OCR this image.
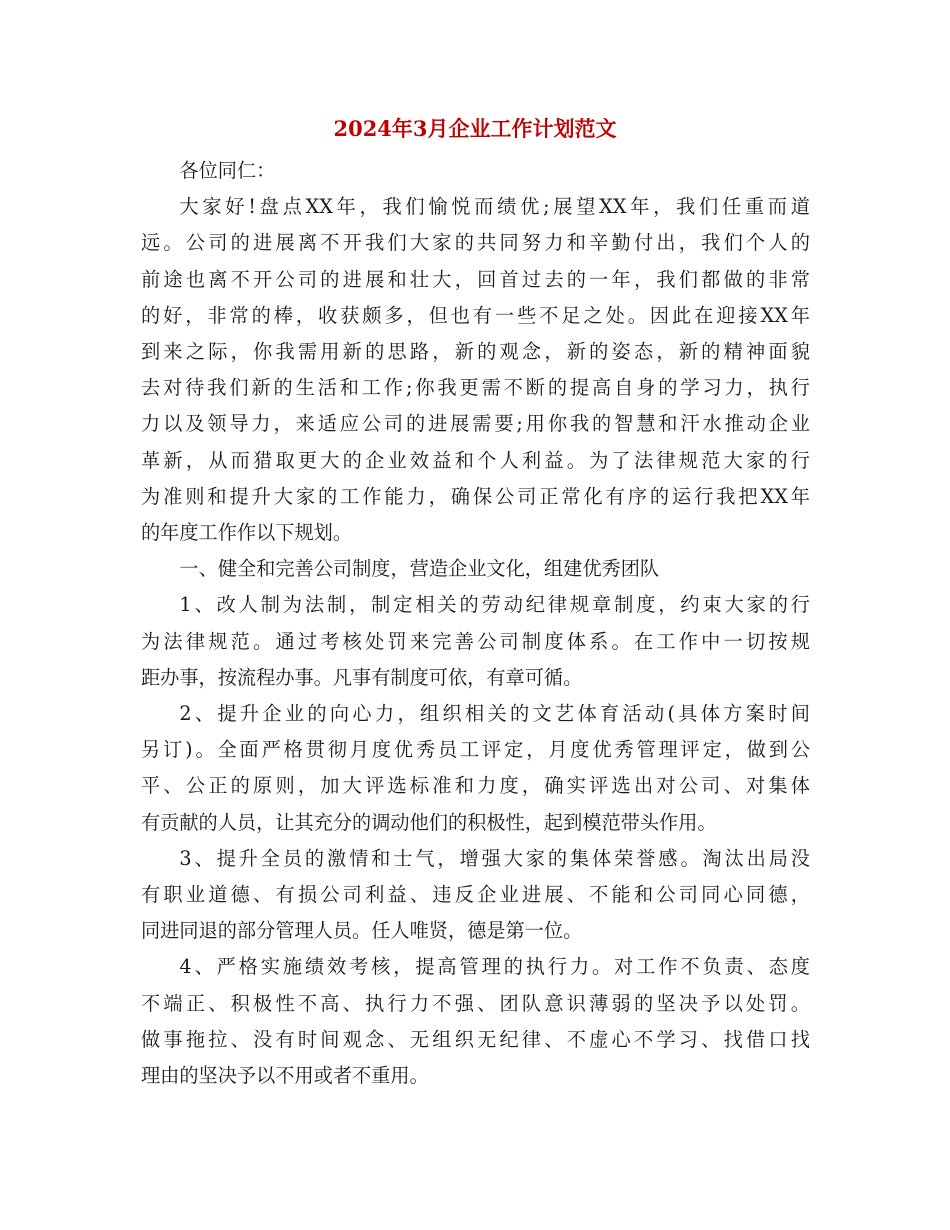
2024年3月企业工作计划范文
各位同仁：
大家好!盘点XX年，我们愉悦而绩优;展望XX年，我们任重而道
远。公司的进展离不开我们大家的共同努力和辛勤付出，我们个人的
前途也离不开公司的进展和壮大，回首过去的一年，我们都做的非常
的好，非常的棒，收获颇多，但也有一些不足之处。因此在迎接XX年
到来之际，你我需用新的思路，新的观念，新的姿态，新的精神面貌
去对待我们新的生活和工作;你我更需不断的提高自身的学习力，执行
力以及领导力，来适应公司的进展需要;用你我的智慧和汗水推动企业
革新，从而猎取更大的企业效益和个人利益。为了法律规范大家的行
为准则和提升大家的工作能力，确保公司正常化有序的运行我把XX年
的年度工作作以下规划。
一、健全和完善公司制度，营造企业文化，组建优秀团队
1、改人制为法制，制定相关的劳动纪律规章制度，约束大家的行
为法律规范。通过考核处罚来完善公司制度体系。在工作中一切按规
距办事，按流程办事。凡事有制度可依，有章可循。
2、提升企业的向心力，组织相关的文艺体育活动(具体方案时间
另订)。全面严格贯彻月度优秀员工评定，月度优秀管理评定，做到公
平、公正的原则，加大评选标准和力度，确实评选出对公司、对集体
有贡献的人员，让其充分的调动他们的积极性，起到模范带头作用。
3、提升全员的激情和士气，增强大家的集体荣誉感。淘汰出局没
有职业道德、有损公司利益、违反企业进展、不能和公司同心同德，
同进同退的部分管理人员。任人唯贤，德是第一位。
4、严格实施绩效考核，提高管理的执行力。对工作不负责、态度
不端正、积极性不高、执行力不强、团队意识薄弱的坚决予以处罚。
做事拖拉、没有时间观念、无组织无纪律、不虚心不学习、找借口找
理由的坚决予以不用或者不重用。
